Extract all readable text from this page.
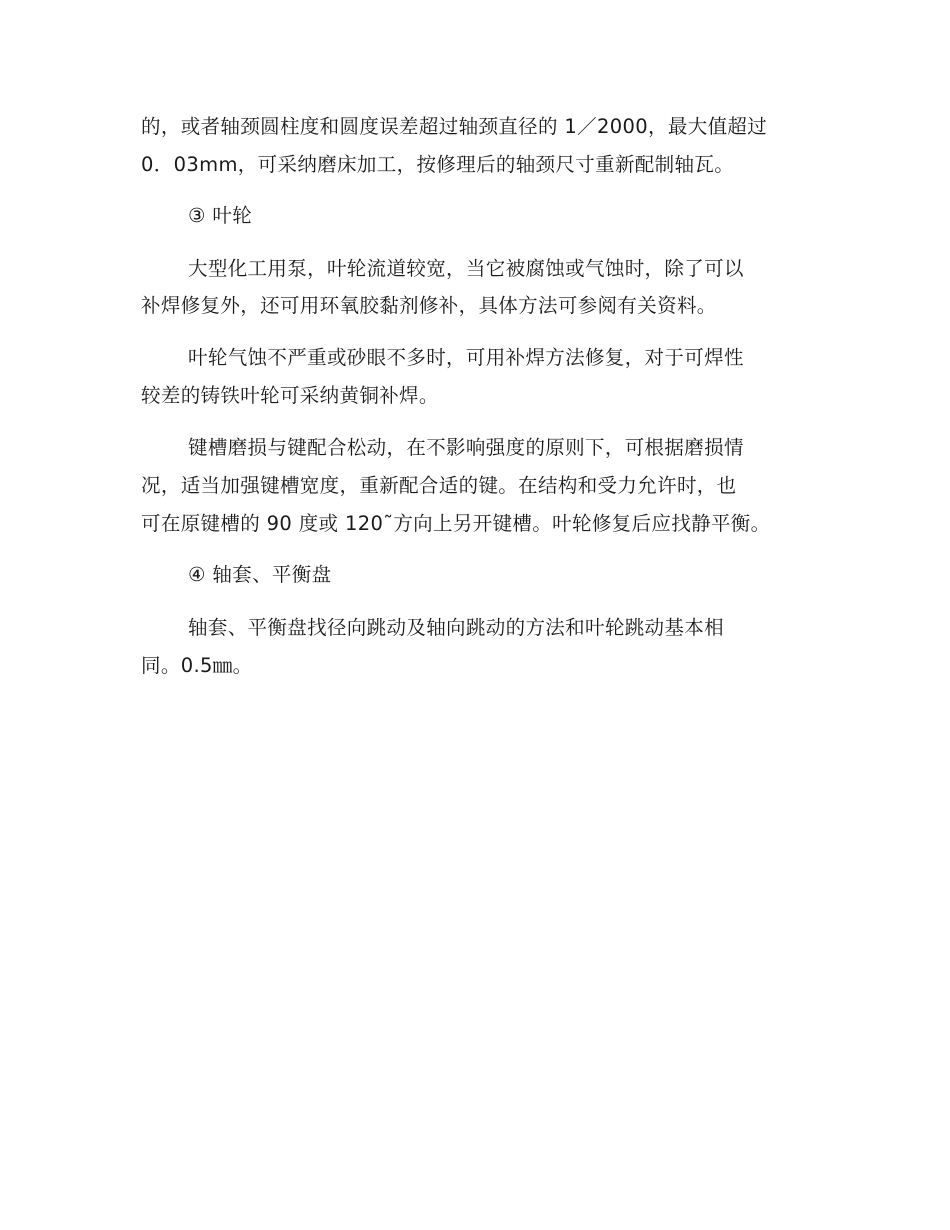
的，或者轴颈圆柱度和圆度误差超过轴颈直径的 1／2000，最大值超过
0．03mm，可采纳磨床加工，按修理后的轴颈尺寸重新配制轴瓦。
③ 叶轮
大型化工用泵，叶轮流道较宽，当它被腐蚀或气蚀时，除了可以
补焊修复外，还可用环氧胶黏剂修补，具体方法可参阅有关资料。
叶轮气蚀不严重或砂眼不多时，可用补焊方法修复，对于可焊性
较差的铸铁叶轮可采纳黄铜补焊。
键槽磨损与键配合松动，在不影响强度的原则下，可根据磨损情
况，适当加强键槽宽度，重新配合适的键。在结构和受力允许时，也
可在原键槽的 90 度或 120˜方向上另开键槽。叶轮修复后应找静平衡。
④ 轴套、平衡盘
轴套、平衡盘找径向跳动及轴向跳动的方法和叶轮跳动基本相
同。0.5㎜。
